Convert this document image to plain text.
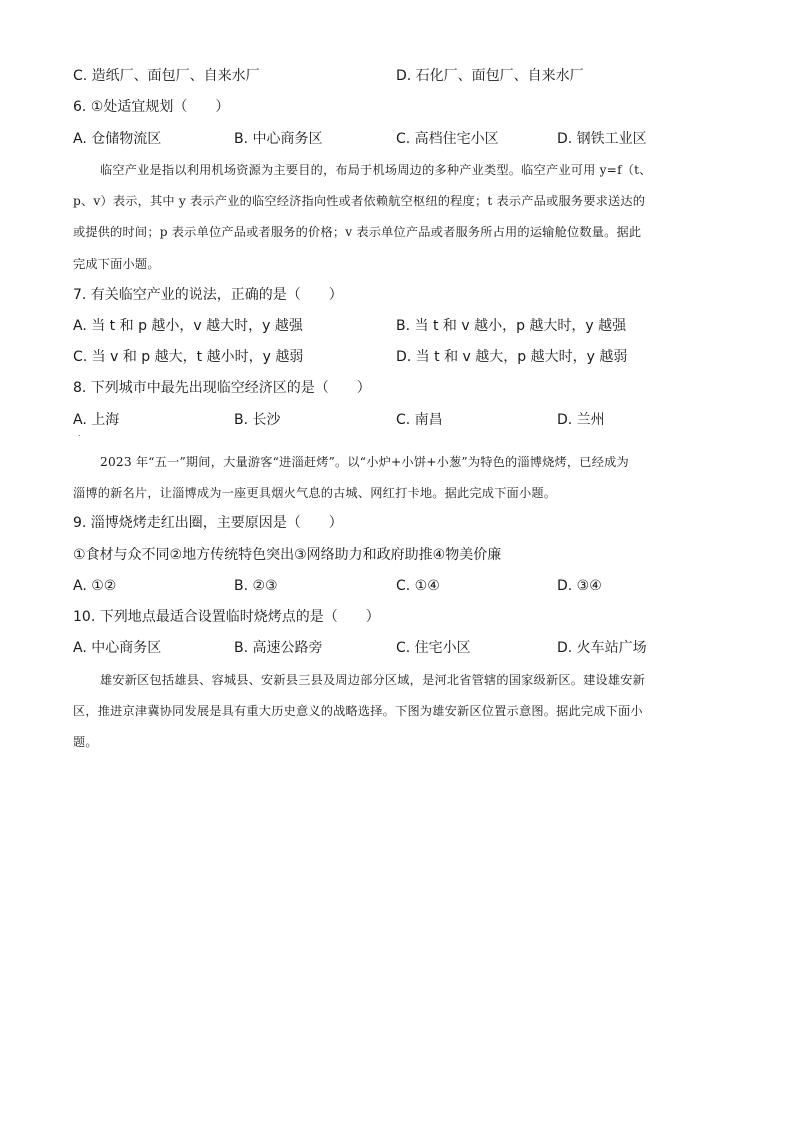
C. 造纸厂、面包厂、自来水厂	D. 石化厂、面包厂、自来水厂
6. ①处适宜规划（　　）
A. 仓储物流区	B. 中心商务区	C. 高档住宅小区	D. 钢铁工业区
临空产业是指以利用机场资源为主要目的，布局于机场周边的多种产业类型。临空产业可用 y=f（t、
p、v）表示，其中 y 表示产业的临空经济指向性或者依赖航空枢纽的程度；t 表示产品或服务要求送达的
或提供的时间；p 表示单位产品或者服务的价格；v 表示单位产品或者服务所占用的运输舱位数量。据此
完成下面小题。
7. 有关临空产业的说法，正确的是（　　）
A. 当 t 和 p 越小，v 越大时，y 越强	B. 当 t 和 v 越小，p 越大时，y 越强
C. 当 v 和 p 越大，t 越小时，y 越弱	D. 当 t 和 v 越大，p 越大时，y 越弱
8. 下列城市中最先出现临空经济区的是（　　）
A. 上海	B. 长沙	C. 南昌	D. 兰州
.
2023 年“五一”期间，大量游客“进淄赶烤”。以“小炉+小饼+小葱”为特色的淄博烧烤，已经成为
淄博的新名片，让淄博成为一座更具烟火气息的古城、网红打卡地。据此完成下面小题。
9. 淄博烧烤走红出圈，主要原因是（　　）
①食材与众不同②地方传统特色突出③网络助力和政府助推④物美价廉
A. ①②	B. ②③	C. ①④	D. ③④
10. 下列地点最适合设置临时烧烤点的是（　　）
A. 中心商务区	B. 高速公路旁	C. 住宅小区	D. 火车站广场
雄安新区包括雄县、容城县、安新县三县及周边部分区域，是河北省管辖的国家级新区。建设雄安新
区，推进京津冀协同发展是具有重大历史意义的战略选择。下图为雄安新区位置示意图。据此完成下面小
题。
